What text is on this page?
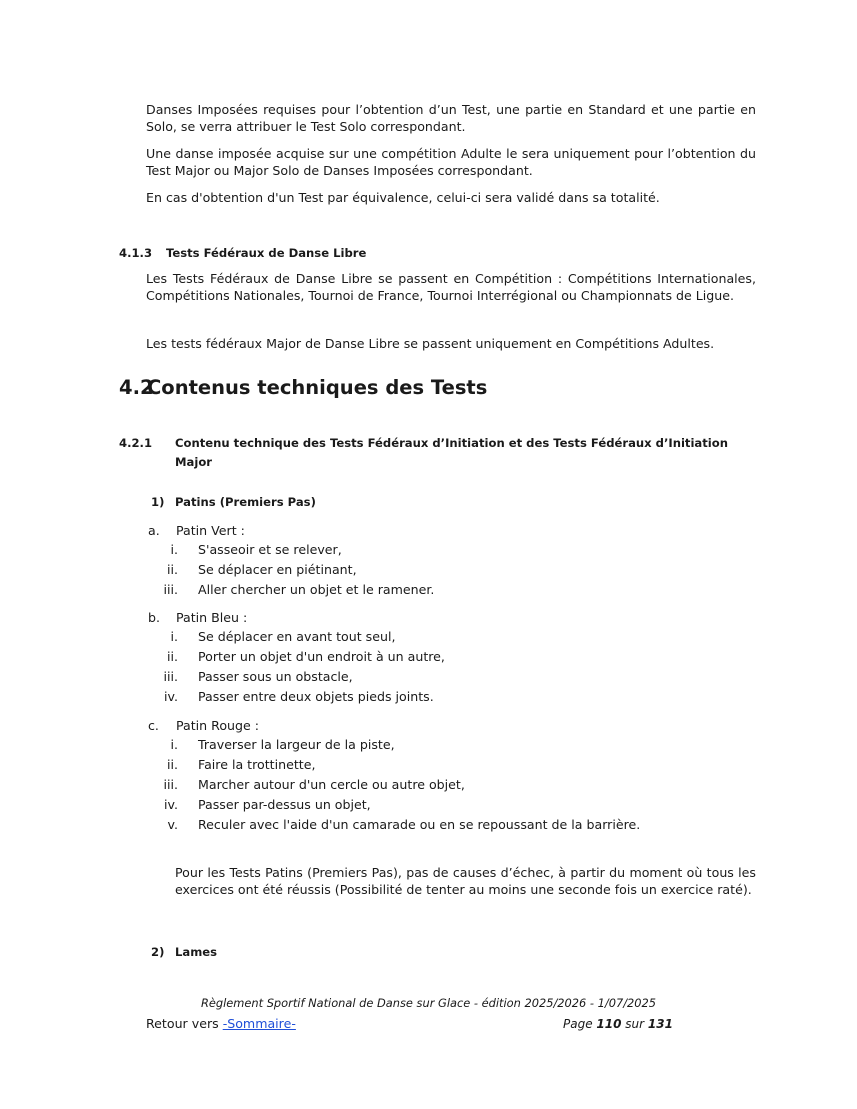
Danses Imposées requises pour l’obtention d’un Test, une partie en Standard et une partie en Solo, se verra attribuer le Test Solo correspondant.

Une danse imposée acquise sur une compétition Adulte le sera uniquement pour l’obtention du Test Major ou Major Solo de Danses Imposées correspondant.

En cas d'obtention d'un Test par équivalence, celui-ci sera validé dans sa totalité.

4.1.3 Tests Fédéraux de Danse Libre

Les Tests Fédéraux de Danse Libre se passent en Compétition : Compétitions Internationales, Compétitions Nationales, Tournoi de France, Tournoi Interrégional ou Championnats de Ligue.

Les tests fédéraux Major de Danse Libre se passent uniquement en Compétitions Adultes.

4.2Contenus techniques des Tests
4.2.1 Contenu technique des Tests Fédéraux d’Initiation et des Tests Fédéraux d’Initiation
Major
1) Patins (Premiers Pas)
a. Patin Vert :
i. S'asseoir et se relever,
ii. Se déplacer en piétinant,
iii. Aller chercher un objet et le ramener.
b. Patin Bleu :
i. Se déplacer en avant tout seul,
ii. Porter un objet d'un endroit à un autre,
iii. Passer sous un obstacle,
iv. Passer entre deux objets pieds joints.
c. Patin Rouge :
i. Traverser la largeur de la piste,
ii. Faire la trottinette,
iii. Marcher autour d'un cercle ou autre objet,
iv. Passer par-dessus un objet,
v. Reculer avec l'aide d'un camarade ou en se repoussant de la barrière.

Pour les Tests Patins (Premiers Pas), pas de causes d’échec, à partir du moment où tous les exercices ont été réussis (Possibilité de tenter au moins une seconde fois un exercice raté).

2) Lames
Règlement Sportif National de Danse sur Glace - édition 2025/2026 - 1/07/2025
Retour vers -Sommaire-	Page 110 sur 131
